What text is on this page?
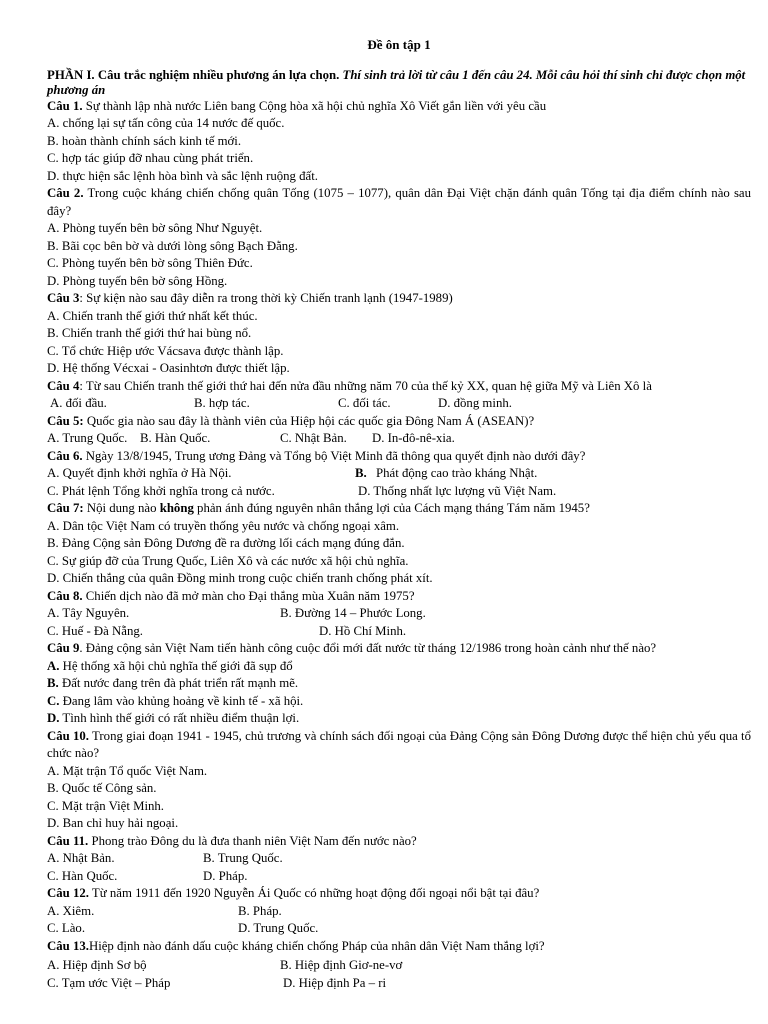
Đề ôn tập 1

PHẦN I. Câu trắc nghiệm nhiều phương án lựa chọn. Thí sinh trả lời từ câu 1 đến câu 24. Mỗi câu hỏi thí sinh chỉ được chọn một phương án

Câu 1. Sự thành lập nhà nước Liên bang Cộng hòa xã hội chủ nghĩa Xô Viết gắn liền với yêu cầu

A. chống lại sự tấn công của 14 nước đế quốc.

B. hoàn thành chính sách kinh tế mới.

C. hợp tác giúp đỡ nhau cùng phát triển.

D. thực hiện sắc lệnh hòa bình và sắc lệnh ruộng đất.

Câu 2. Trong cuộc kháng chiến chống quân Tống (1075 – 1077), quân dân Đại Việt chặn đánh quân Tống tại địa điểm chính nào sau đây?

A. Phòng tuyến bên bờ sông Như Nguyệt.

B. Bãi cọc bên bờ và dưới lòng sông Bạch Đằng.

C. Phòng tuyến bên bờ sông Thiên Đức.

D. Phòng tuyến bên bờ sông Hồng.

Câu 3: Sự kiện nào sau đây diễn ra trong thời kỳ Chiến tranh lạnh (1947-1989)

A. Chiến tranh thế giới thứ nhất kết thúc.

B. Chiến tranh thế giới thứ hai bùng nổ.

C. Tổ chức Hiệp ước Vácsava được thành lập.

D. Hệ thống Vécxai - Oasinhtơn được thiết lập.

Câu 4: Từ sau Chiến tranh thế giới thứ hai đến nửa đầu những năm 70 của thế kỷ XX, quan hệ giữa Mỹ và Liên Xô là

A. đối đầu.	B. hợp tác.	C. đối tác.	D. đồng minh.

Câu 5: Quốc gia nào sau đây là thành viên của Hiệp hội các quốc gia Đông Nam Á (ASEAN)?

A. Trung Quốc. B. Hàn Quốc.	C. Nhật Bản. D. In-đô-nê-xia.

Câu 6. Ngày 13/8/1945, Trung ương Đảng và Tổng bộ Việt Minh đã thông qua quyết định nào dưới đây?

A. Quyết định khởi nghĩa ở Hà Nội.	B. Phát động cao trào kháng Nhật.
C. Phát lệnh Tổng khởi nghĩa trong cả nước.	D. Thống nhất lực lượng vũ Việt Nam.

Câu 7: Nội dung nào không phản ánh đúng nguyên nhân thắng lợi của Cách mạng tháng Tám năm 1945?

A. Dân tộc Việt Nam có truyền thống yêu nước và chống ngoại xâm.

B. Đảng Cộng sản Đông Dương đề ra đường lối cách mạng đúng đắn.

C. Sự giúp đỡ của Trung Quốc, Liên Xô và các nước xã hội chủ nghĩa.

D. Chiến thắng của quân Đồng minh trong cuộc chiến tranh chống phát xít.

Câu 8. Chiến dịch nào đã mở màn cho Đại thắng mùa Xuân năm 1975?

A. Tây Nguyên.	B. Đường 14 – Phước Long.
C. Huế - Đà Nẵng.	D. Hồ Chí Minh.

Câu 9. Đảng cộng sản Việt Nam tiến hành công cuộc đổi mới đất nước từ tháng 12/1986 trong hoàn cảnh như thế nào?

A. Hệ thống xã hội chủ nghĩa thế giới đã sụp đổ

B. Đất nước đang trên đà phát triển rất mạnh mẽ.

C. Đang lâm vào khủng hoảng về kinh tế - xã hội.

D. Tình hình thế giới có rất nhiều điểm thuận lợi.

Câu 10. Trong giai đoạn 1941 - 1945, chủ trương và chính sách đối ngoại của Đảng Cộng sản Đông Dương được thể hiện chủ yếu qua tổ chức nào?

A. Mặt trận Tổ quốc Việt Nam.

B. Quốc tế Công sản.

C. Mặt trận Việt Minh.

D. Ban chỉ huy hải ngoại.

Câu 11. Phong trào Đông du là đưa thanh niên Việt Nam đến nước nào?

A. Nhật Bản.	B. Trung Quốc.
C. Hàn Quốc.	D. Pháp.

Câu 12. Từ năm 1911 đến 1920 Nguyễn Ái Quốc có những hoạt động đối ngoại nổi bật tại đâu?

A. Xiêm.	B. Pháp.
C. Lào.	D. Trung Quốc.

Câu 13.Hiệp định nào đánh dấu cuộc kháng chiến chống Pháp của nhân dân Việt Nam thắng lợi?

A. Hiệp định Sơ bộ	B. Hiệp định Giơ-ne-vơ
C. Tạm ước Việt – Pháp	D. Hiệp định Pa – ri
